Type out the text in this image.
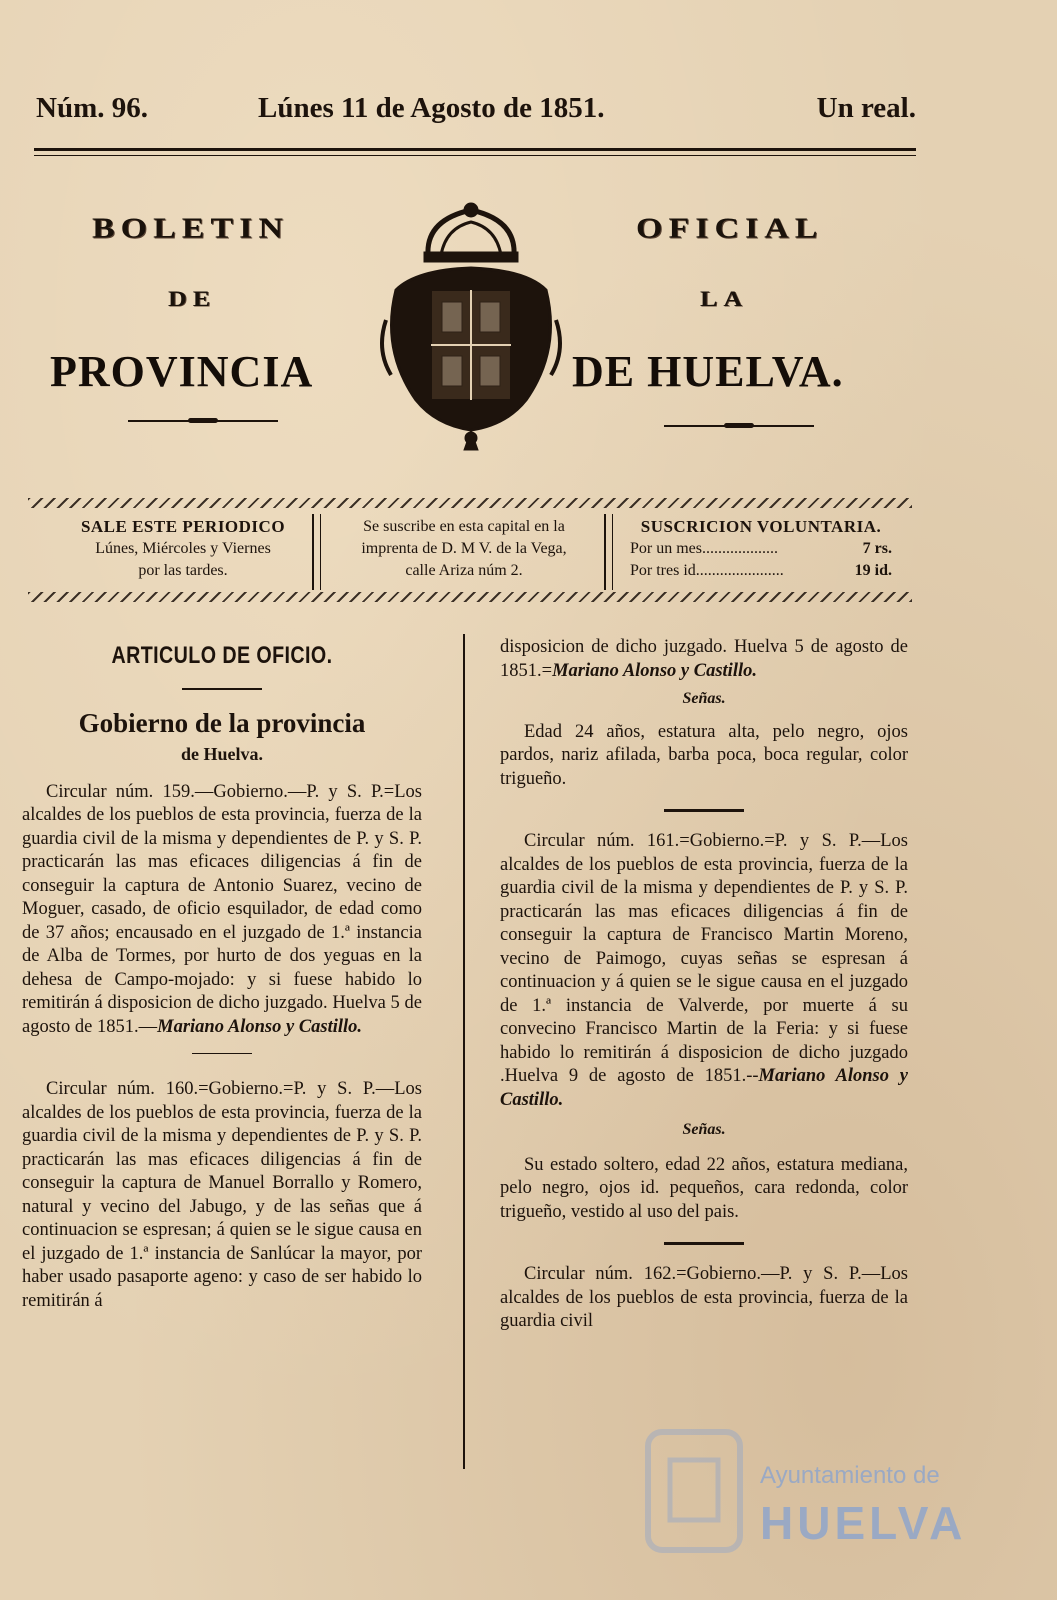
Núm. 96.	Lúnes 11 de Agosto de 1851.	Un real.
BOLETIN	OFICIAL
DE	LA
PROVINCIA	DE HUELVA.
SALE ESTE PERIODICO
Lúnes, Miércoles y Viernes
por las tardes.
Se suscribe en esta capital en la
imprenta de D. M V. de la Vega,
calle Ariza núm 2.
SUSCRICION VOLUNTARIA.
Por un mes...................	7 rs.
Por tres id......................	19 id.
ARTICULO DE OFICIO.
Gobierno de la provincia
de Huelva.

Circular núm. 159.—Gobierno.—P. y S. P.=Los alcaldes de los pueblos de esta provincia, fuerza de la guardia civil de la misma y dependientes de P. y S. P. practicarán las mas eficaces diligencias á fin de conseguir la captura de Antonio Suarez, vecino de Moguer, casado, de oficio esquilador, de edad como de 37 años; encausado en el juzgado de 1.ª instancia de Alba de Tormes, por hurto de dos yeguas en la dehesa de Campo-mojado: y si fuese habido lo remitirán á disposicion de dicho juzgado. Huelva 5 de agosto de 1851.—Mariano Alonso y Castillo.

Circular núm. 160.=Gobierno.=P. y S. P.—Los alcaldes de los pueblos de esta provincia, fuerza de la guardia civil de la misma y dependientes de P. y S. P. practicarán las mas eficaces diligencias á fin de conseguir la captura de Manuel Borrallo y Romero, natural y vecino del Jabugo, y de las señas que á continuacion se espresan; á quien se le sigue causa en el juzgado de 1.ª instancia de Sanlúcar la mayor, por haber usado pasaporte ageno: y caso de ser habido lo remitirán á

disposicion de dicho juzgado. Huelva 5 de agosto de 1851.=Mariano Alonso y Castillo.

Señas.

Edad 24 años, estatura alta, pelo negro, ojos pardos, nariz afilada, barba poca, boca regular, color trigueño.

Circular núm. 161.=Gobierno.=P. y S. P.—Los alcaldes de los pueblos de esta provincia, fuerza de la guardia civil de la misma y dependientes de P. y S. P. practicarán las mas eficaces diligencias á fin de conseguir la captura de Francisco Martin Moreno, vecino de Paimogo, cuyas señas se espresan á continuacion y á quien se le sigue causa en el juzgado de 1.ª instancia de Valverde, por muerte á su convecino Francisco Martin de la Feria: y si fuese habido lo remitirán á disposicion de dicho juzgado .Huelva 9 de agosto de 1851.--Mariano Alonso y Castillo.

Señas.

Su estado soltero, edad 22 años, estatura mediana, pelo negro, ojos id. pequeños, cara redonda, color trigueño, vestido al uso del pais.

Circular núm. 162.=Gobierno.—P. y S. P.—Los alcaldes de los pueblos de esta provincia, fuerza de la guardia civil

Ayuntamiento de
HUELVA
